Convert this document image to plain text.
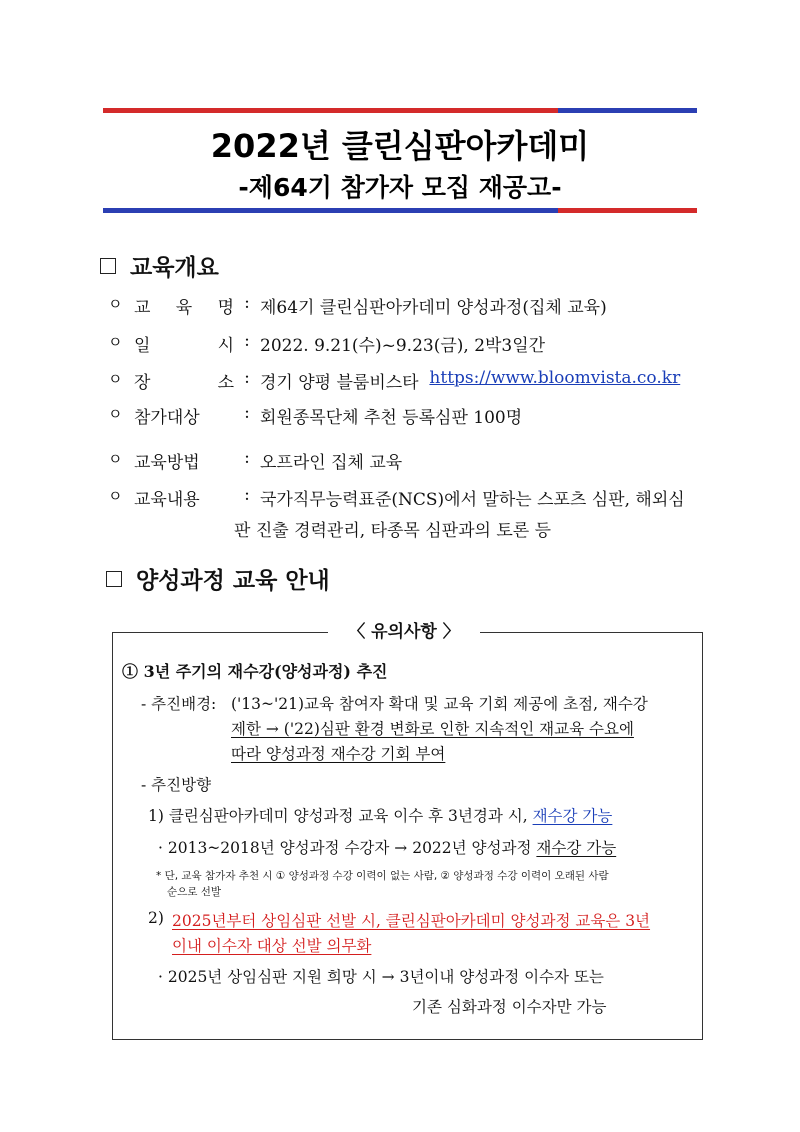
2022년 클린심판아카데미
-제64기 참가자 모집 재공고-
교육개요
ㅇ 교 육 명 : 제64기 클린심판아카데미 양성과정(집체 교육)
ㅇ 일	시 : 2022. 9.21(수)~9.23(금), 2박3일간
ㅇ 장	소 : 경기 양평 블룸비스타
https://www.bloomvista.co.kr
ㅇ 참가대상	: 회원종목단체 추천 등록심판 100명
ㅇ 교육방법	: 오프라인 집체 교육
ㅇ 교육내용	: 국가직무능력표준(NCS)에서 말하는 스포츠 심판, 해외심
판 진출 경력관리, 타종목 심판과의 토론 등
양성과정 교육 안내
〈 유의사항 〉
① 3년 주기의 재수강(양성과정) 추진
- 추진배경: ('13~'21)교육 참여자 확대 및 교육 기회 제공에 초점, 재수강
제한 → ('22)심판 환경 변화로 인한 지속적인 재교육 수요에
따라 양성과정 재수강 기회 부여
- 추진방향
1) 클린심판아카데미 양성과정 교육 이수 후 3년경과 시, 재수강 가능
· 2013~2018년 양성과정 수강자 → 2022년 양성과정 재수강 가능
* 단, 교육 참가자 추천 시 ① 양성과정 수강 이력이 없는 사람, ② 양성과정 수강 이력이 오래된 사람
순으로 선발
2) 2025년부터 상임심판 선발 시, 클린심판아카데미 양성과정 교육은 3년
이내 이수자 대상 선발 의무화
· 2025년 상임심판 지원 희망 시 → 3년이내 양성과정 이수자 또는
기존 심화과정 이수자만 가능
